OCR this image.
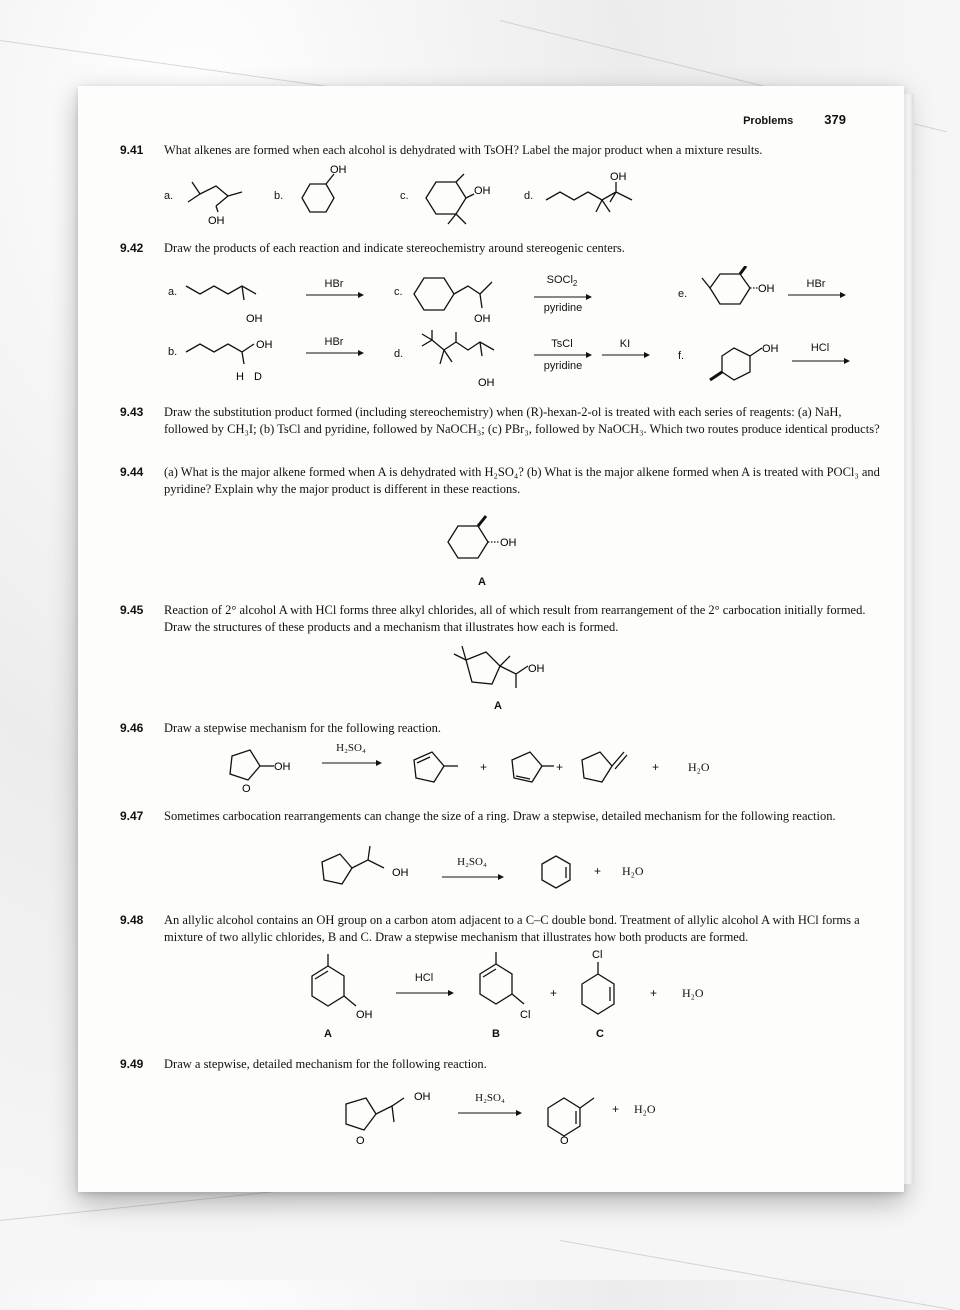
Problems 379
9.41 What alkenes are formed when each alcohol is dehydrated with TsOH? Label the major product when a mixture results.
a.	b.	c.	d.
OH
OH
OH
OH
9.42 Draw the products of each reaction and indicate stereochemistry around stereogenic centers.
a.
b.
c.
d.
e.
f.
OH
HBr
OH
H D
HBr
OH
SOCl$_2$
pyridine
OH
TsCl
pyridine
KI
OH	HBr
OH	HCl
9.43 Draw the substitution product formed (including stereochemistry) when (R)-hexan-2-ol is treated with each series of reagents: (a) NaH, followed by CH₃I; (b) TsCl and pyridine, followed by NaOCH₃; (c) PBr₃, followed by NaOCH₃. Which two routes produce identical products?
9.44 (a) What is the major alkene formed when A is dehydrated with H₂SO₄? (b) What is the major alkene formed when A is treated with POCl₃ and pyridine? Explain why the major product is different in these reactions.
OH
A
9.45 Reaction of 2° alcohol A with HCl forms three alkyl chlorides, all of which result from rearrangement of the 2° carbocation initially formed. Draw the structures of these products and a mechanism that illustrates how each is formed.
OH
A
9.46 Draw a stepwise mechanism for the following reaction.
O
OH
H₂SO₄
+	+	+ H₂O
9.47 Sometimes carbocation rearrangements can change the size of a ring. Draw a stepwise, detailed mechanism for the following reaction.
OH
H₂SO₄
+ H₂O
9.48 An allylic alcohol contains an OH group on a carbon atom adjacent to a C–C double bond. Treatment of allylic alcohol A with HCl forms a mixture of two allylic chlorides, B and C. Draw a stepwise mechanism that illustrates how both products are formed.
OH
A
HCl
Cl
B
+
Cl
C
+ H₂O
9.49 Draw a stepwise, detailed mechanism for the following reaction.
O
OH	H₂SO₄
O
+ H₂O
